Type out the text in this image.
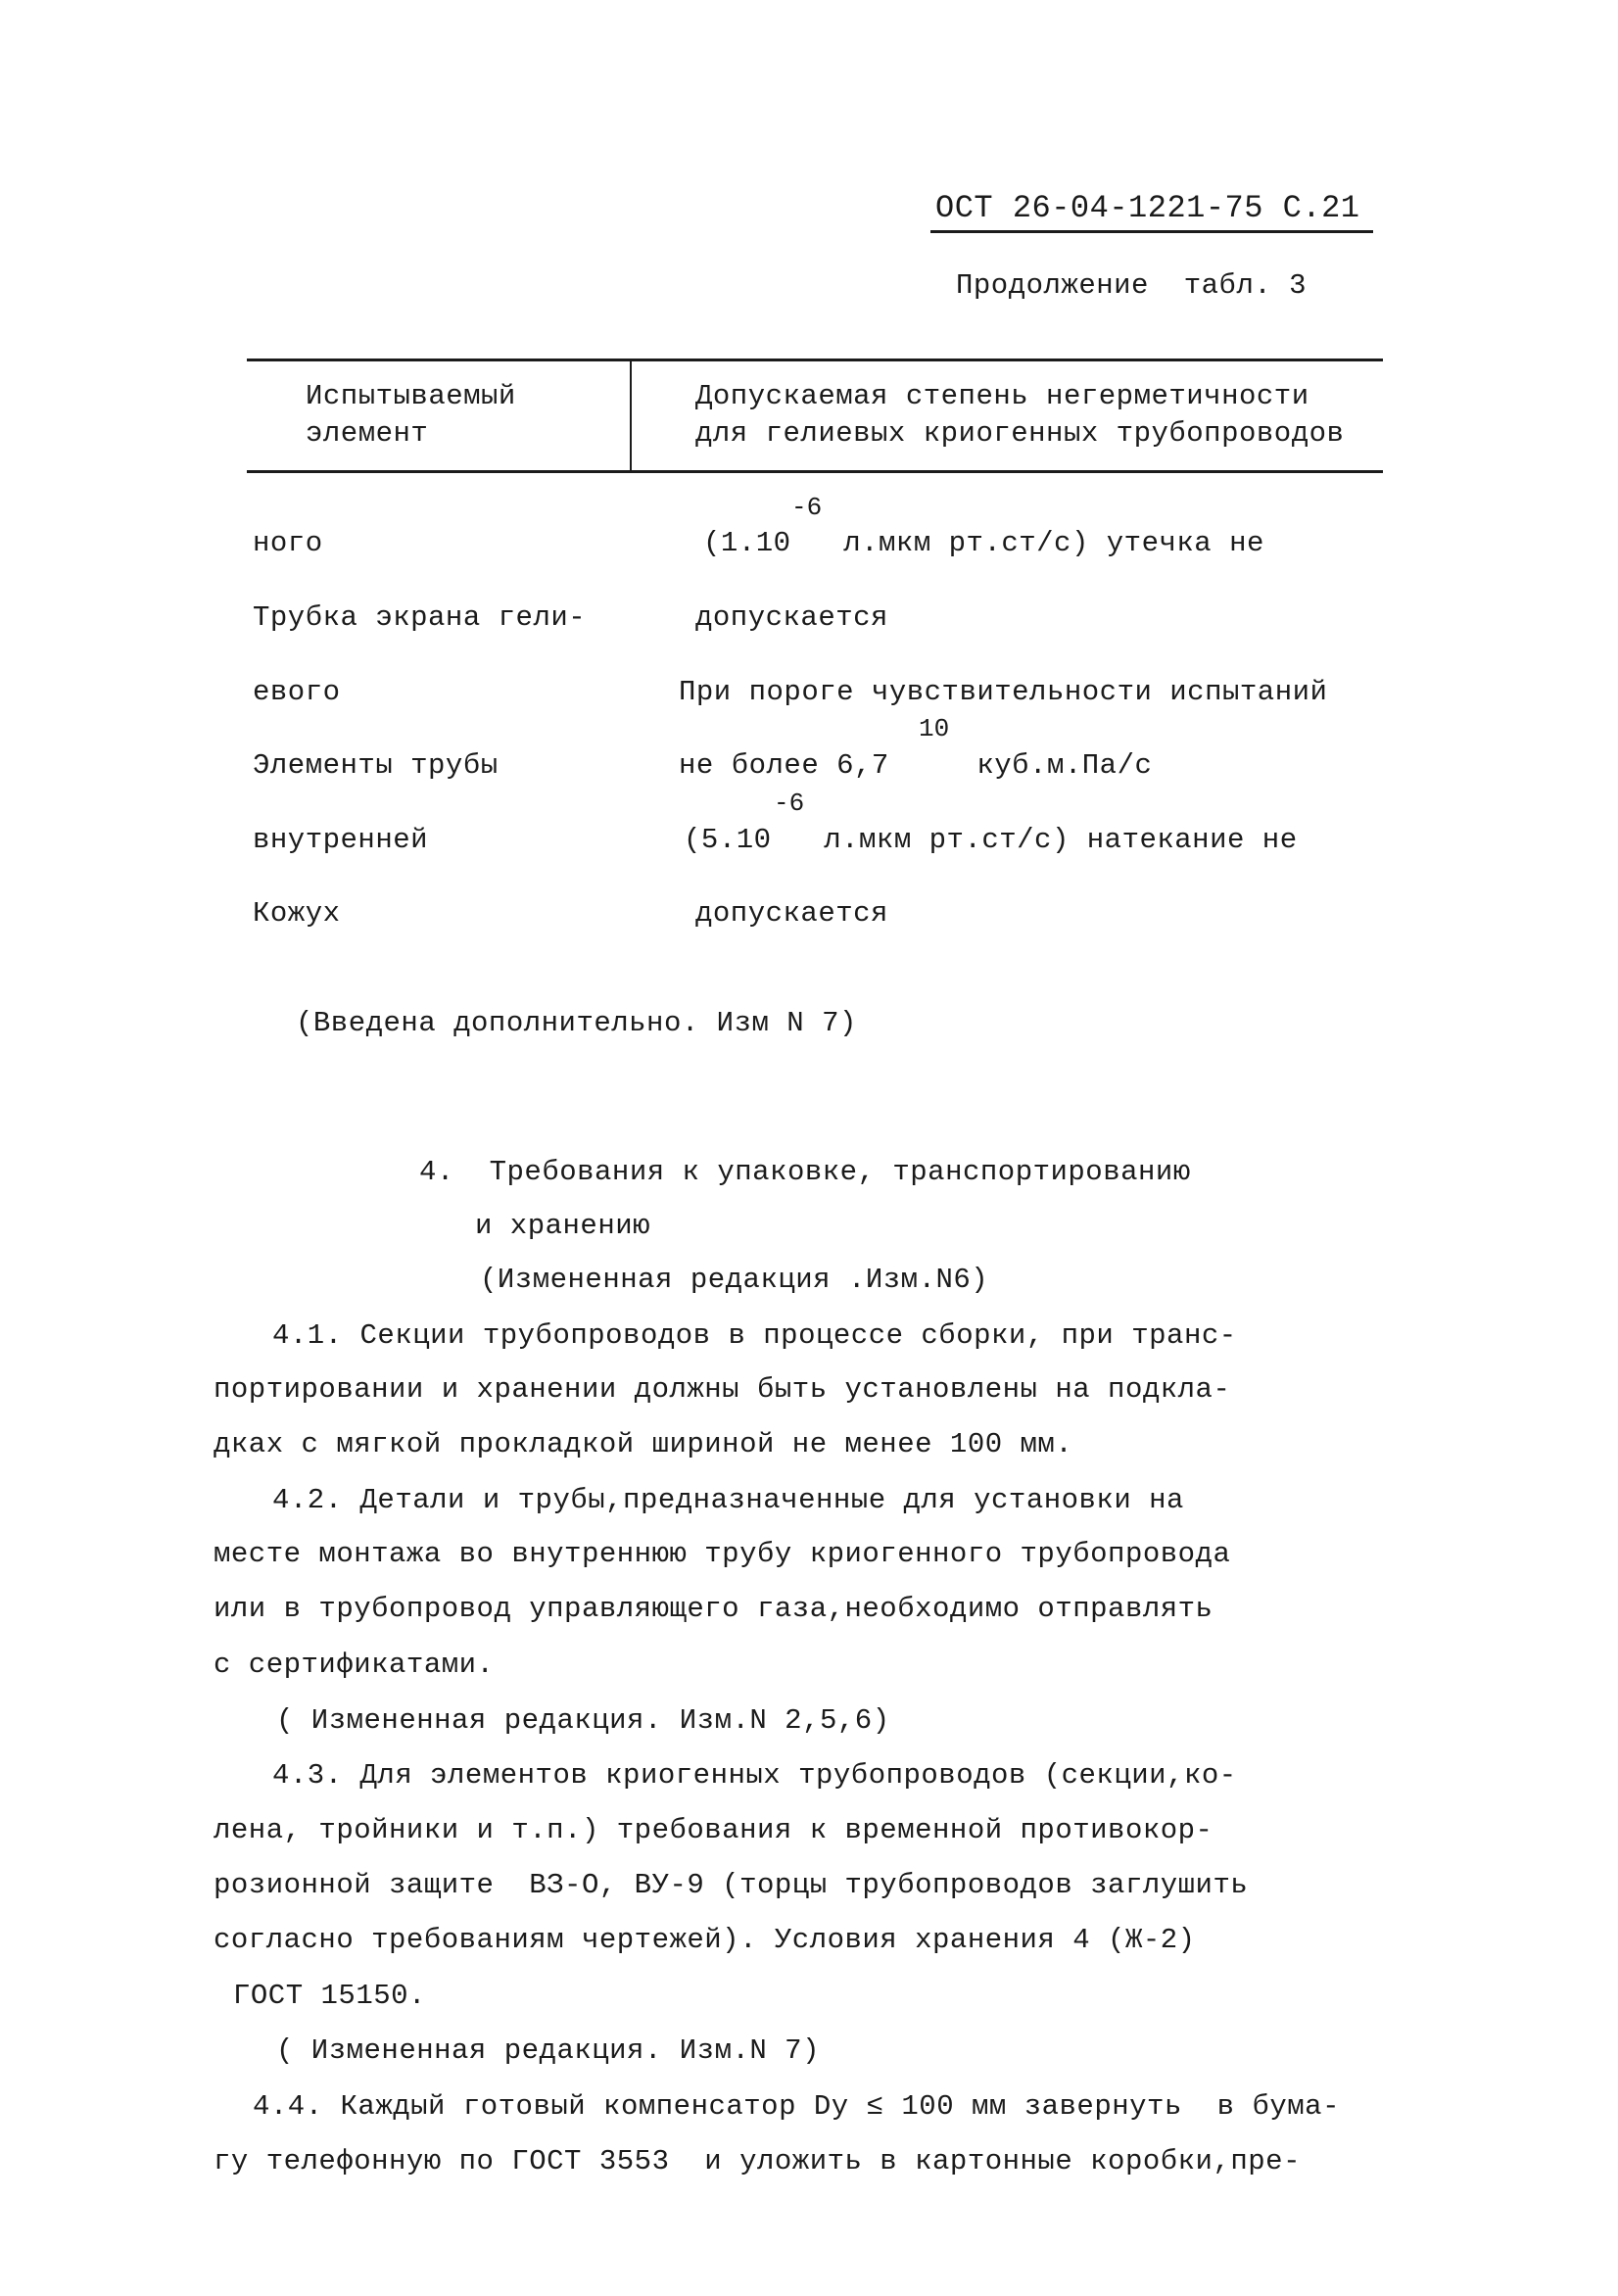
ОСТ 26-04-1221-75 С.21
Продолжение  табл. 3
Испытываемый
элемент
Допускаемая степень негерметичности
для гелиевых криогенных трубопроводов
ного
Трубка экрана гели-
евого
Элементы трубы
внутренней
Кожух
-6
(1.10   л.мкм рт.ст/с) утечка не
допускается
При пороге чувствительности испытаний
10
не более 6,7     куб.м.Па/с
-6
(5.10   л.мкм рт.ст/с) натекание не
допускается
(Введена дополнительно. Изм N 7)
4.  Требования к упаковке, транспортированию
и хранению
(Измененная редакция .Изм.N6)
4.1. Секции трубопроводов в процессе сборки, при транс-
портировании и хранении должны быть установлены на подкла-
дках с мягкой прокладкой шириной не менее 100 мм.
4.2. Детали и трубы,предназначенные для установки на
месте монтажа во внутреннюю трубу криогенного трубопровода
или в трубопровод управляющего газа,необходимо отправлять
с сертификатами.
( Измененная редакция. Изм.N 2,5,6)
4.3. Для элементов криогенных трубопроводов (секции,ко-
лена, тройники и т.п.) требования к временной противокор-
розионной защите  ВЗ-О, ВУ-9 (торцы трубопроводов заглушить
согласно требованиям чертежей). Условия хранения 4 (Ж-2)
ГОСТ 15150.
( Измененная редакция. Изм.N 7)
4.4. Каждый готовый компенсатор Dу ≤ 100 мм завернуть  в бума-
гу телефонную по ГОСТ 3553  и уложить в картонные коробки,пре-
